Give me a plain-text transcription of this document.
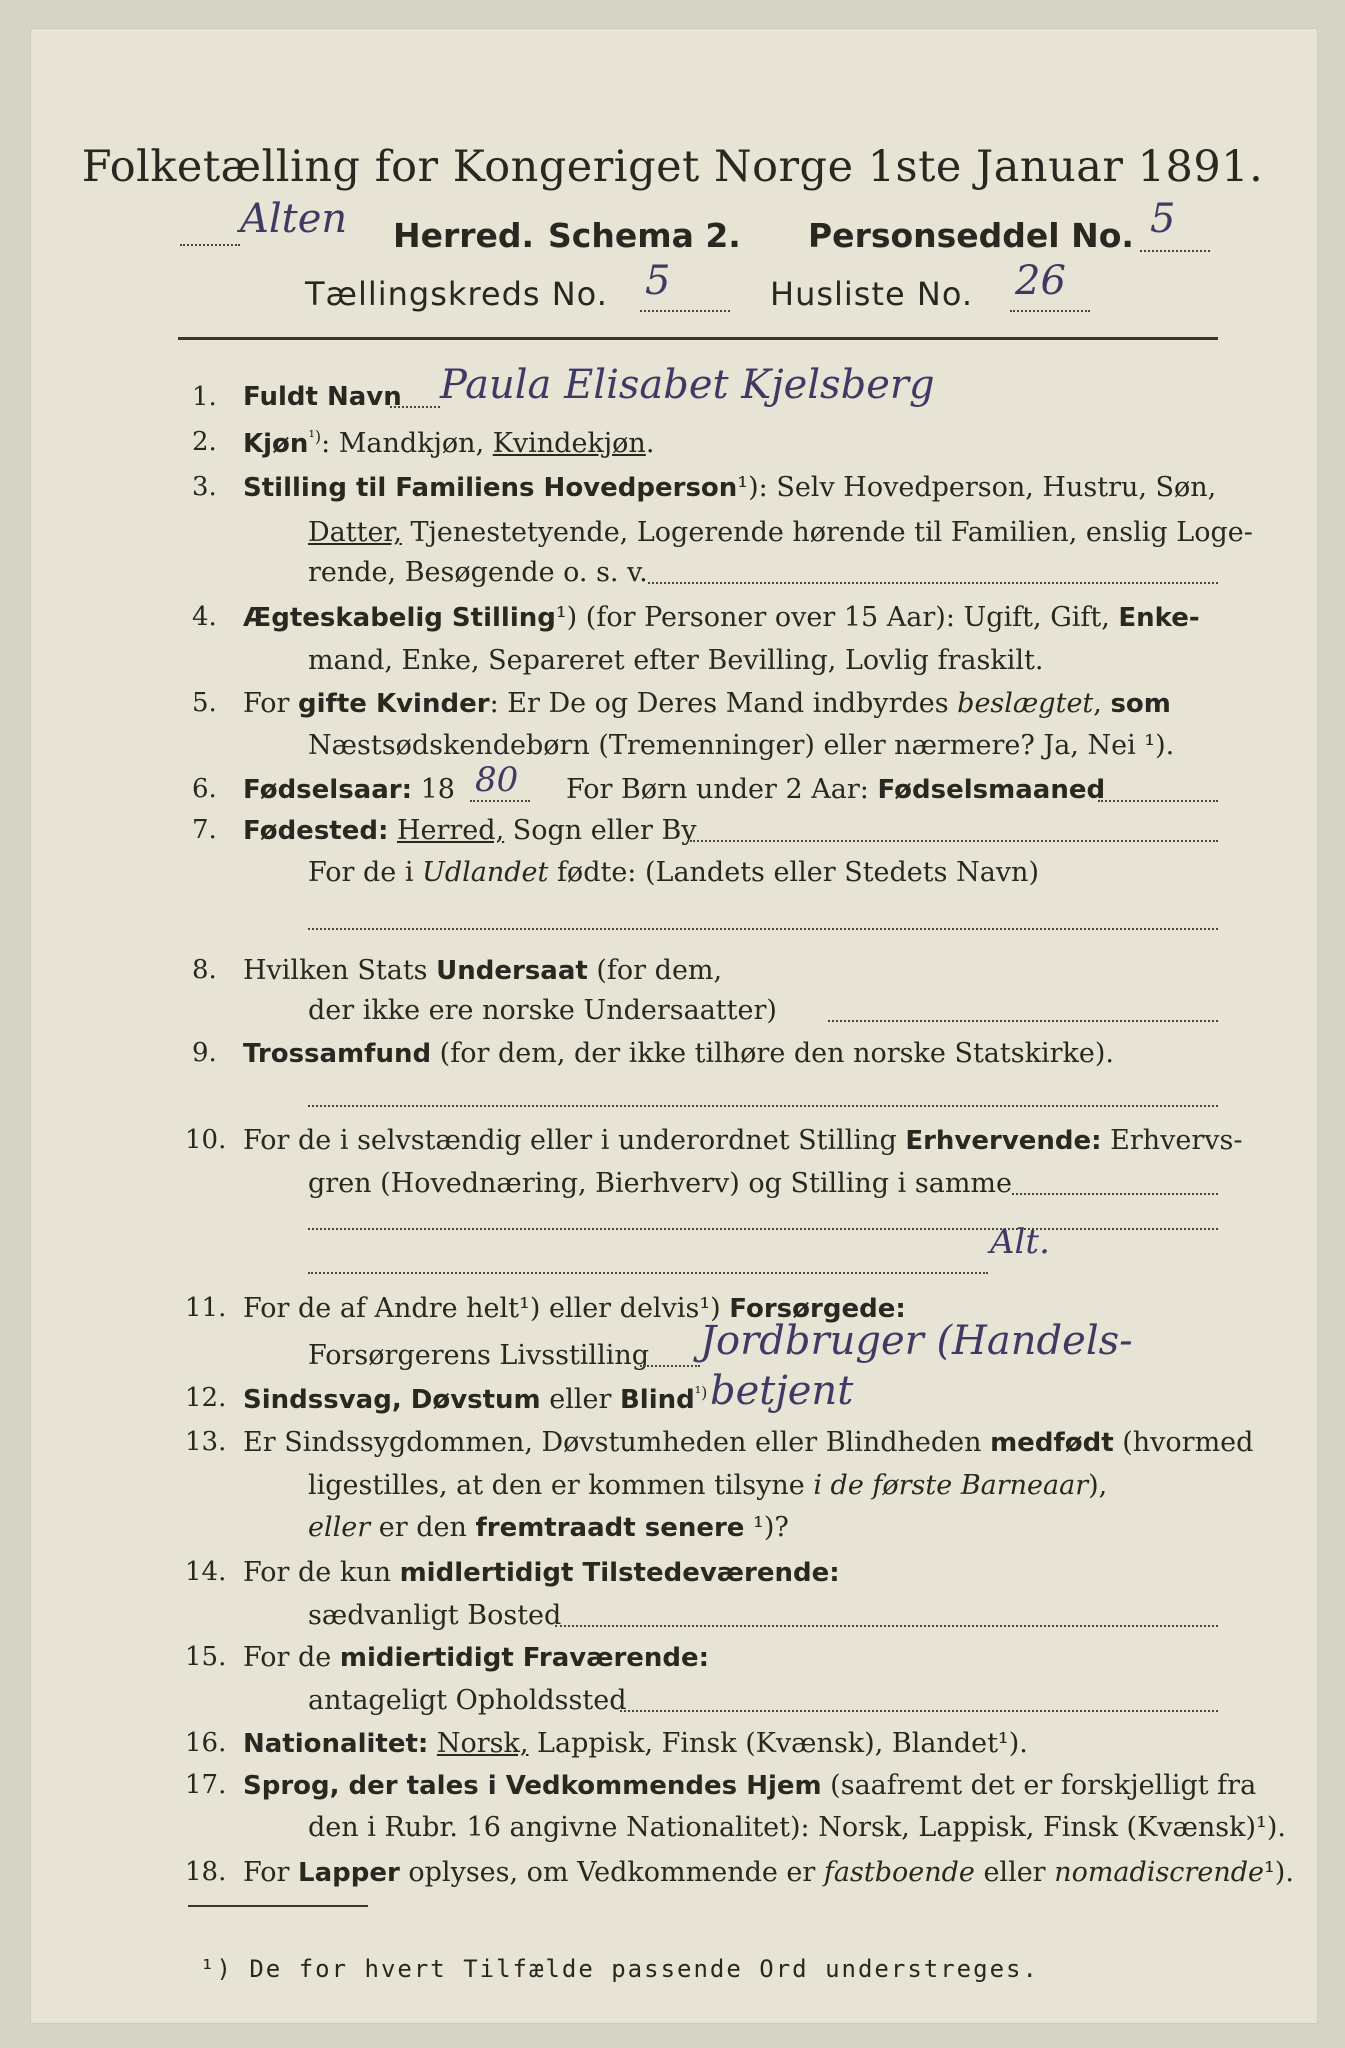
Folketælling for Kongeriget Norge 1ste Januar 1891.
Alten Herred. Schema 2. Personseddel No. 5
Tællingskreds No. 5	Husliste No. 26
1. Fuldt Navn Paula Elisabet Kjelsberg
2. Kjøn$^{^1)}$: Mandkjøn, Kvindekjøn.
3. Stilling til Familiens Hovedperson¹): Selv Hovedperson, Hustru, Søn,
Datter, Tjenestetyende, Logerende hørende til Familien, enslig Loge-
rende, Besøgende o. s. v.
4. Ægteskabelig Stilling¹) (for Personer over 15 Aar): Ugift, Gift, Enke-
mand, Enke, Separeret efter Bevilling, Lovlig fraskilt.
5. For gifte Kvinder: Er De og Deres Mand indbyrdes beslægtet, som
Næstsødskendebørn (Tremenninger) eller nærmere? Ja, Nei ¹).
6. Fødselsaar: 18 80 For Børn under 2 Aar: Fødselsmaaned
7. Fødested: Herred, Sogn eller By
For de i Udlandet fødte: (Landets eller Stedets Navn)
8. Hvilken Stats Undersaat (for dem,
der ikke ere norske Undersaatter)
9. Trossamfund (for dem, der ikke tilhøre den norske Statskirke).
10. For de i selvstændig eller i underordnet Stilling Erhvervende: Erhvervs-
gren (Hovednæring, Bierhverv) og Stilling i samme
Alt.
11. For de af Andre helt¹) eller delvis¹) Forsørgede:
Forsørgerens Livsstilling Jordbruger (Handels-
12. Sindssvag, Døvstum eller Blind$^{^1)}$ betjent
13. Er Sindssygdommen, Døvstumheden eller Blindheden medfødt (hvormed
ligestilles, at den er kommen tilsyne i de første Barneaar),
eller er den fremtraadt senere ¹)?
14. For de kun midlertidigt Tilstedeværende:
sædvanligt Bosted
15. For de midiertidigt Fraværende:
antageligt Opholdssted
16. Nationalitet: Norsk, Lappisk, Finsk (Kvænsk), Blandet¹).
17. Sprog, der tales i Vedkommendes Hjem (saafremt det er forskjelligt fra
den i Rubr. 16 angivne Nationalitet): Norsk, Lappisk, Finsk (Kvænsk)¹).
18. For Lapper oplyses, om Vedkommende er fastboende eller nomadiscrende¹).
¹) De for hvert Tilfælde passende Ord understreges.
